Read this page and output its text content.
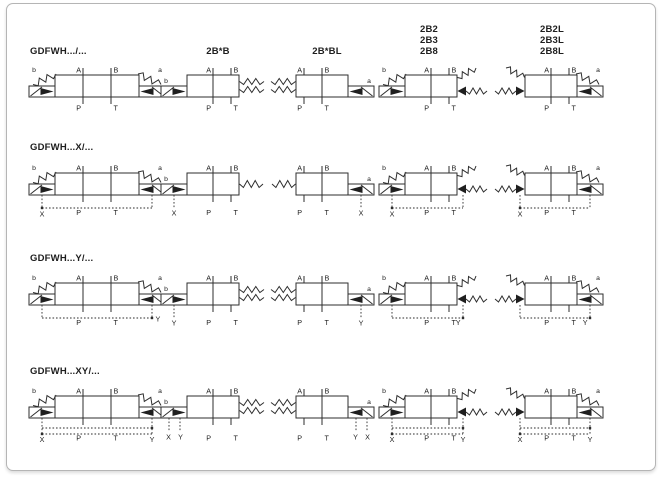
A	B
P	T
b	a	A	B
P	T
b
A	B
P	T
a
A	B
P	T
b	A	B
P	T
a
A	B
P	T
b	a
X
A	B
P	T
b
X
A	B
P	T
a
X
A	B
P	T
b
X
A	B
P	T
a
X
A	B
P	T
b	a
Y
A	B
P	T
b
Y
A	B
P	T
a
Y
A	B
P	T
b
Y
A	B
P	T
a
Y
A	B
P	T
b	a
X	Y
A	B
P	T
b
X Y
A	B
P	T
a
Y X
A	B
P	T
b
X	Y
A	B
P	T
a
X	Y
GDFWH.../...
GDFWH...X/...
GDFWH...Y/...
GDFWH...XY/...
2B*B	2B*BL
2B2
2B3
2B8
2B2L
2B3L
2B8L
